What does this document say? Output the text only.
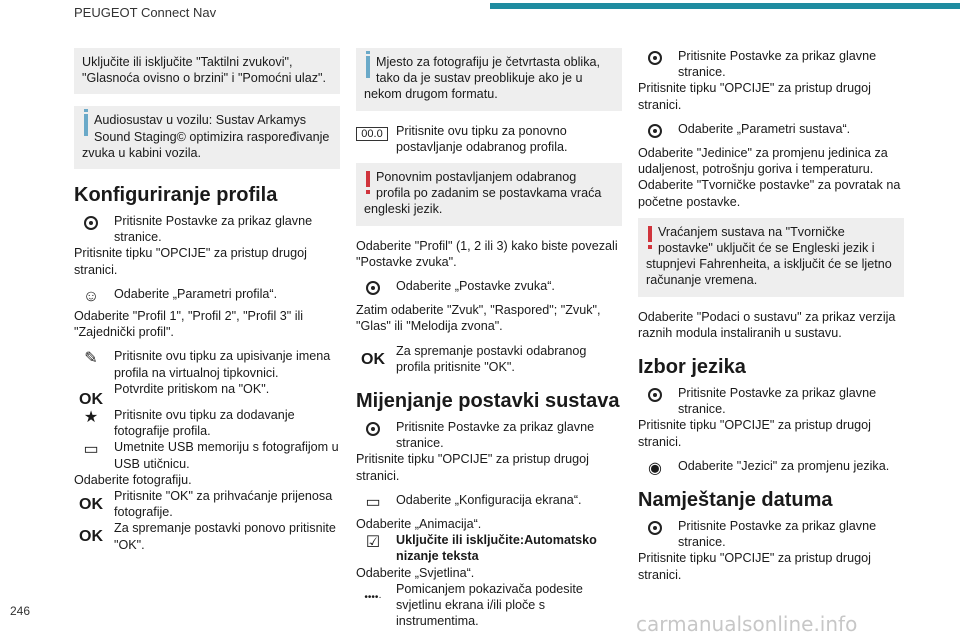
PEUGEOT Connect Nav
Uključite ili isključite "Taktilni zvukovi", "Glasnoća ovisno o brzini" i "Pomoćni ulaz".
Audiosustav u vozilu: Sustav Arkamys Sound Staging© optimizira raspoređivanje zvuka u kabini vozila.
Konfiguriranje profila
Pritisnite Postavke za prikaz glavne stranice.

Pritisnite tipku "OPCIJE" za pristup drugoj stranici.

☺	Odaberite „Parametri profila“.

Odaberite "Profil 1", "Profil 2", "Profil 3" ili "Zajednički profil".

✎	Pritisnite ovu tipku za upisivanje imena profila na virtualnoj tipkovnici.
OK
Potvrdite pritiskom na "OK".
★	Pritisnite ovu tipku za dodavanje fotografije profila.
▭	Umetnite USB memoriju s fotografijom u USB utičnicu.

Odaberite fotografiju.

OK Pritisnite "OK" za prihvaćanje prijenosa fotografije.
OK Za spremanje postavki ponovo pritisnite "OK".
Mjesto za fotografiju je četvrtasta oblika, tako da je sustav preoblikuje ako je u nekom drugom formatu.
00.0	Pritisnite ovu tipku za ponovno postavljanje odabranog profila.
Ponovnim postavljanjem odabranog profila po zadanim se postavkama vraća engleski jezik.

Odaberite "Profil" (1, 2 ili 3) kako biste povezali "Postavke zvuka".

Odaberite „Postavke zvuka“.

Zatim odaberite "Zvuk", "Raspored"; "Zvuk", "Glas" ili "Melodija zvona".

OK Za spremanje postavki odabranog profila pritisnite "OK".
Mijenjanje postavki sustava
Pritisnite Postavke za prikaz glavne stranice.

Pritisnite tipku "OPCIJE" za pristup drugoj stranici.

▭	Odaberite „Konfiguracija ekrana“.

Odaberite „Animacija“.

☑	Uključite ili isključite:Automatsko nizanje teksta

Odaberite „Svjetlina“.

••••·
Pomicanjem pokazivača podesite svjetlinu ekrana i/ili ploče s instrumentima.
Pritisnite Postavke za prikaz glavne stranice.

Pritisnite tipku "OPCIJE" za pristup drugoj stranici.

Odaberite „Parametri sustava“.

Odaberite "Jedinice" za promjenu jedinica za udaljenost, potrošnju goriva i temperaturu.

Odaberite "Tvorničke postavke" za povratak na početne postavke.

Vraćanjem sustava na "Tvorničke postavke" uključit će se Engleski jezik i stupnjevi Fahrenheita, a isključit će se ljetno računanje vremena.

Odaberite "Podaci o sustavu" za prikaz verzija raznih modula instaliranih u sustavu.

Izbor jezika
Pritisnite Postavke za prikaz glavne stranice.

Pritisnite tipku "OPCIJE" za pristup drugoj stranici.

◉	Odaberite "Jezici" za promjenu jezika.
Namještanje datuma
Pritisnite Postavke za prikaz glavne stranice.

Pritisnite tipku "OPCIJE" za pristup drugoj stranici.

246
carmanualsonline.info
